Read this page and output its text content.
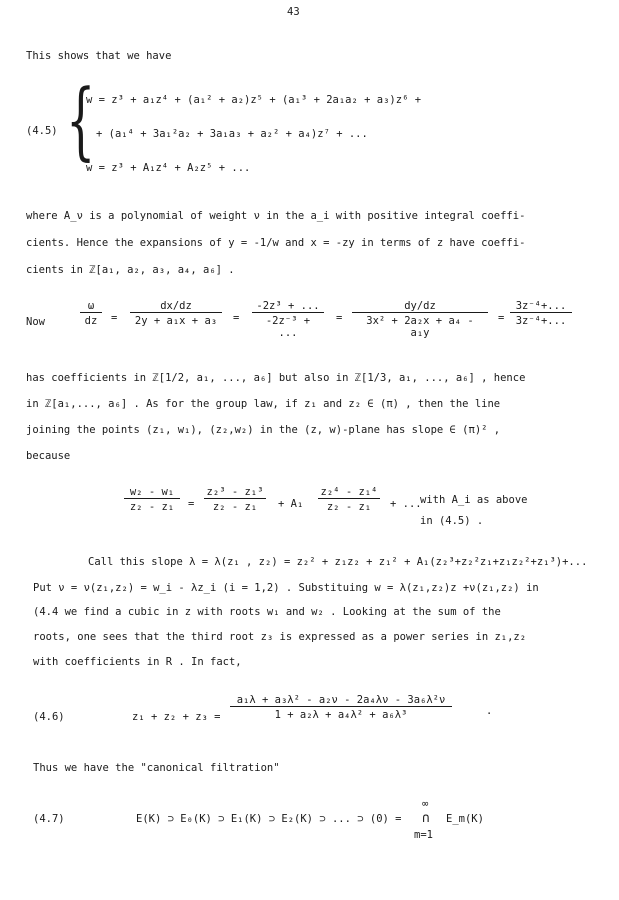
43
This shows that we have
(4.5) {
w = z³ + a₁z⁴ + (a₁² + a₂)z⁵ + (a₁³ + 2a₁a₂ + a₃)z⁶ +
+ (a₁⁴ + 3a₁²a₂ + 3a₁a₃ + a₂² + a₄)z⁷ + ...
w = z³ + A₁z⁴ + A₂z⁵ + ...
where A_ν is a polynomial of weight ν in the a_i with positive integral coeffi-
cients. Hence the expansions of y = -1/w and x = -zy in terms of z have coeffi-
cients in ℤ[a₁, a₂, a₃, a₄, a₆] .
Now	$\frac{\omega}{dz} = \frac{dx/dz}{\text{2y + a₁x + a₃}} = \frac{\text{-2z³ + ...}}{\text{-2z⁻³ + ...}} = \frac{dy/dz}{\text{3x² + 2a₂x + a₄ - a₁y}} = \frac{\text{3z⁻⁴+...}}{\text{3z⁻⁴+...}}$
has coefficients in ℤ[1/2, a₁, ..., a₆] but also in ℤ[1/3, a₁, ..., a₆] , hence
in ℤ[a₁,..., a₆] . As for the group law, if z₁ and z₂ ∈ (π) , then the line
joining the points (z₁, w₁), (z₂,w₂) in the (z, w)-plane has slope ∈ (π)² ,
because
$\frac{\text{w₂ - w₁}}{\text{z₂ - z₁}} = \frac{\text{z₂³ - z₁³}}{\text{z₂ - z₁}} + A_1 \frac{\text{z₂⁴ - z₁⁴}}{\text{z₂ - z₁}}$ + ...
with A_i as above
in (4.5) .
Call this slope λ = λ(z₁ , z₂) = z₂² + z₁z₂ + z₁² + A₁(z₂³+z₂²z₁+z₁z₂²+z₁³)+...
Put ν = ν(z₁,z₂) = w_i - λz_i (i = 1,2) . Substituing w = λ(z₁,z₂)z +ν(z₁,z₂) in
(4.4 we find a cubic in z with roots w₁ and w₂ . Looking at the sum of the
roots, one sees that the third root z₃ is expressed as a power series in z₁,z₂
with coefficients in R . In fact,
(4.6)	$z_1 + z_2 + z_3 = \frac{\text{a₁λ + a₃λ² - a₂ν - 2a₄λν - 3a₆λ²ν}}{\text{1 + a₂λ + a₄λ² + a₆λ³}}$	.
Thus we have the "canonical filtration"
(4.7)	E(K) ⊃ E₀(K) ⊃ E₁(K) ⊃ E₂(K) ⊃ ... ⊃ (0) =
∞
∩
m=1
E_m(K)
